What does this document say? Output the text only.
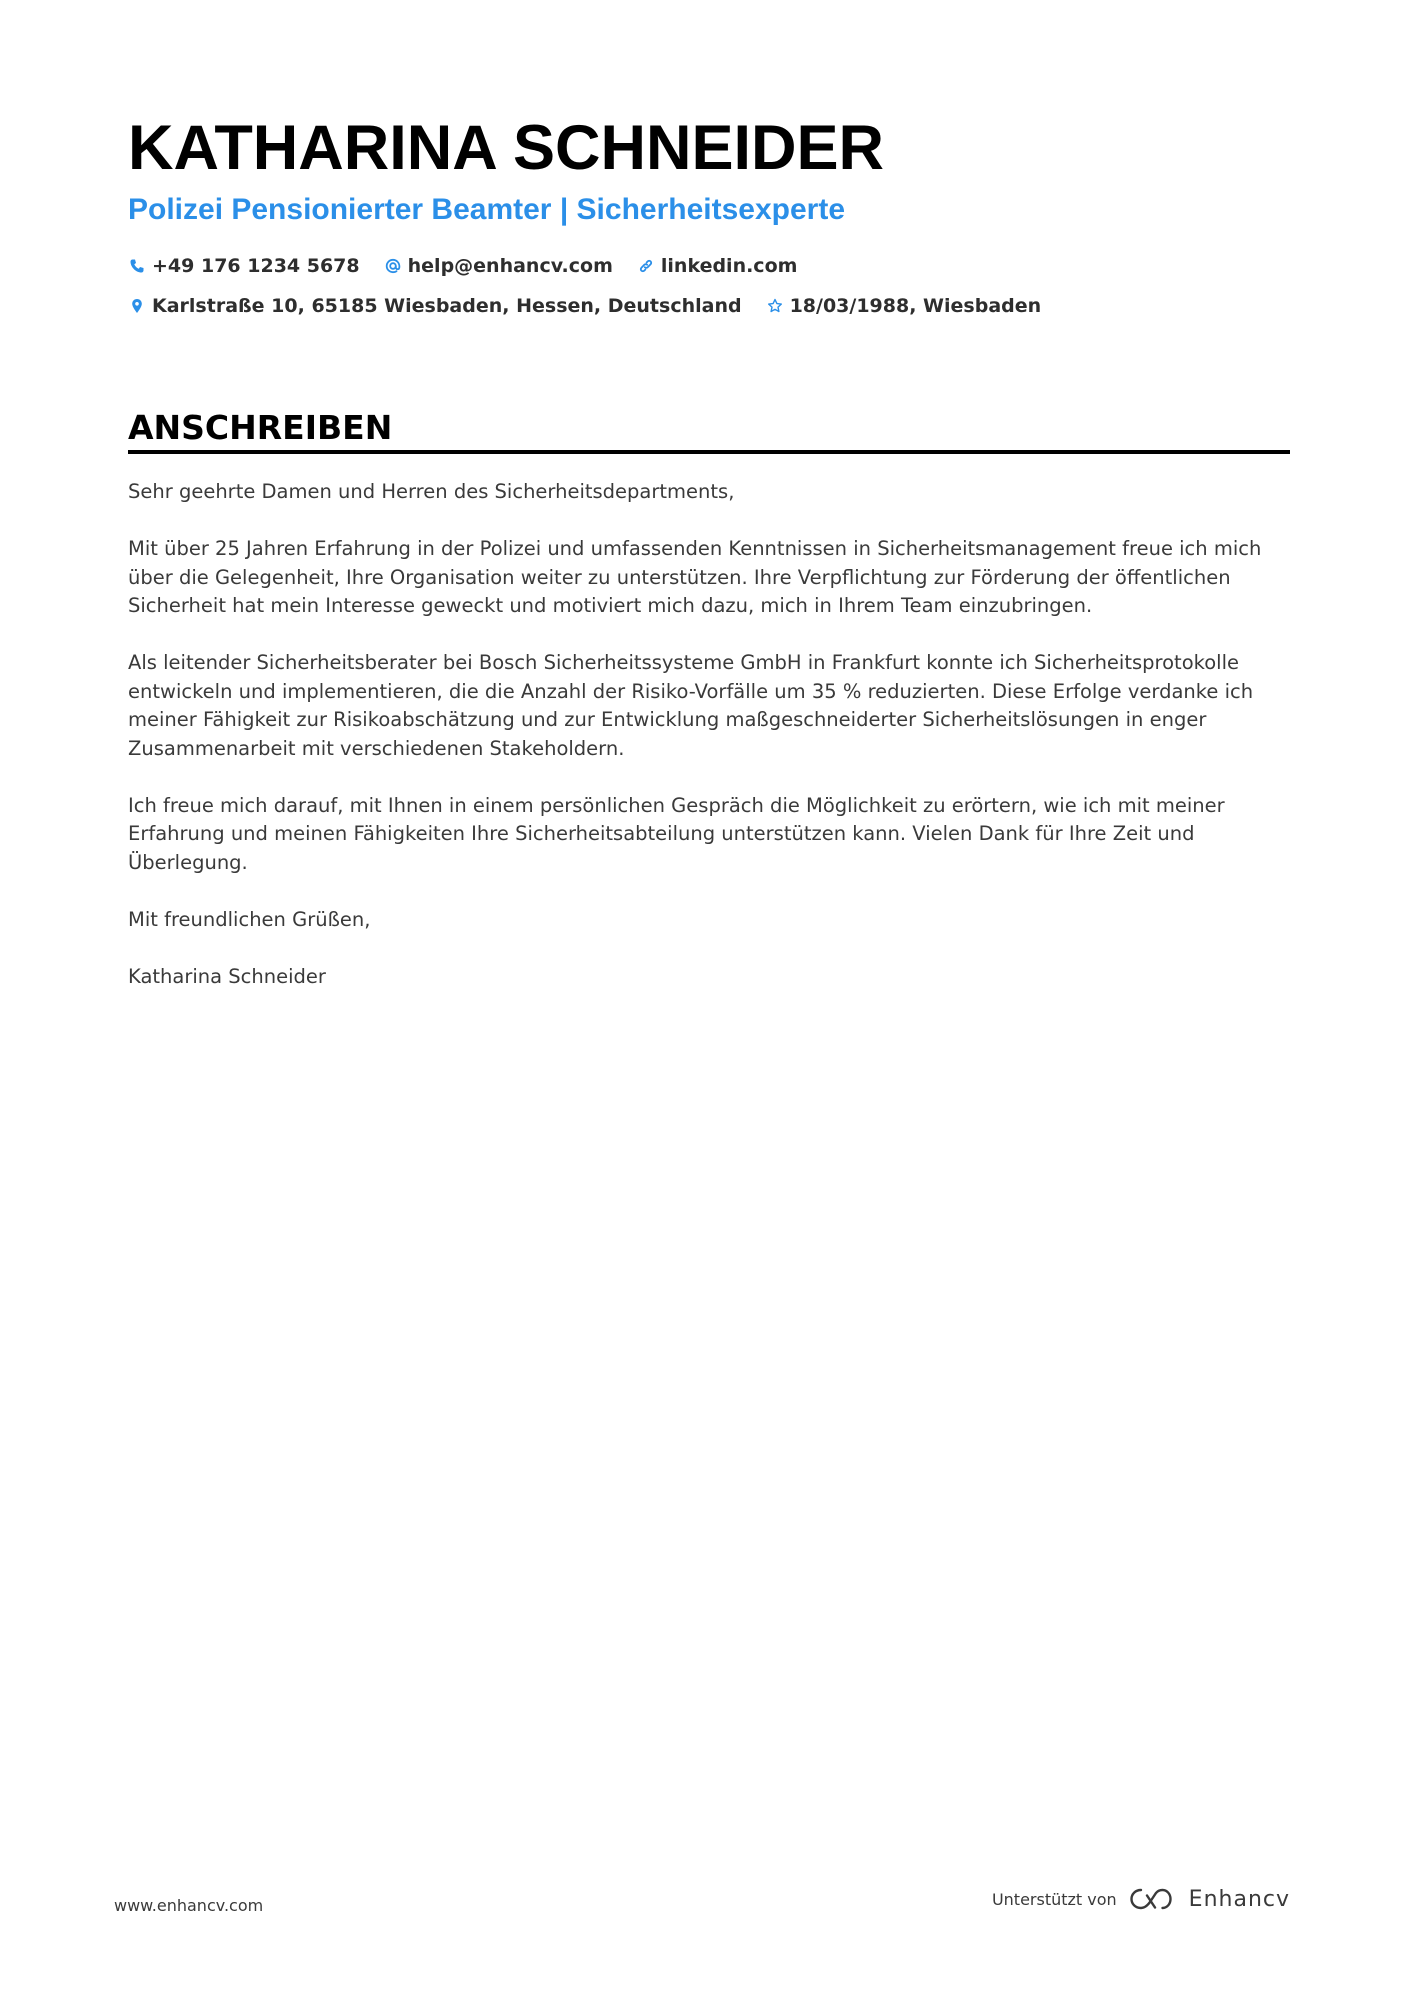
KATHARINA SCHNEIDER
Polizei Pensionierter Beamter | Sicherheitsexperte
+49 176 1234 5678	help@enhancv.com	linkedin.com
Karlstraße 10, 65185 Wiesbaden, Hessen, Deutschland	18/03/1988, Wiesbaden
ANSCHREIBEN

Sehr geehrte Damen und Herren des Sicherheitsdepartments,

Mit über 25 Jahren Erfahrung in der Polizei und umfassenden Kenntnissen in Sicherheitsmanagement freue ich mich über die Gelegenheit, Ihre Organisation weiter zu unterstützen. Ihre Verpflichtung zur Förderung der öffentlichen Sicherheit hat mein Interesse geweckt und motiviert mich dazu, mich in Ihrem Team einzubringen.

Als leitender Sicherheitsberater bei Bosch Sicherheitssysteme GmbH in Frankfurt konnte ich Sicherheitsprotokolle entwickeln und implementieren, die die Anzahl der Risiko-Vorfälle um 35 % reduzierten. Diese Erfolge verdanke ich meiner Fähigkeit zur Risikoabschätzung und zur Entwicklung maßgeschneiderter Sicherheitslösungen in enger Zusammenarbeit mit verschiedenen Stakeholdern.

Ich freue mich darauf, mit Ihnen in einem persönlichen Gespräch die Möglichkeit zu erörtern, wie ich mit meiner Erfahrung und meinen Fähigkeiten Ihre Sicherheitsabteilung unterstützen kann. Vielen Dank für Ihre Zeit und Überlegung.

Mit freundlichen Grüßen,

Katharina Schneider

www.enhancv.com	Unterstützt von	Enhancv
